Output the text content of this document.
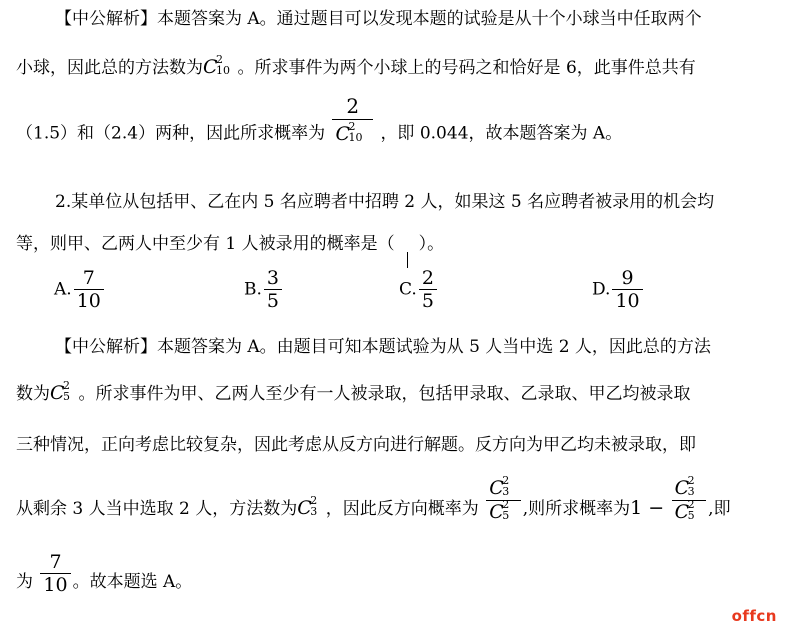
【中公解析】本题答案为 A。通过题目可以发现本题的试验是从十个小球当中任取两个
小球，因此总的方法数为C
2
10 。所求事件为两个小球上的号码之和恰好是 6，此事件总共有
（1.5）和（2.4）两种，因此所求概率为 2
C
2
10 ，即 0.044，故本题答案为 A。
2.某单位从包括甲、乙在内 5 名应聘者中招聘 2 人，如果这 5 名应聘者被录用的机会均
等，则甲、乙两人中至少有 1 人被录用的概率是（ ）。
A. $\frac{7}{10}$	B. $\frac{3}{5}$	C. $\frac{2}{5}$	D. $\frac{9}{10}$
【中公解析】本题答案为 A。由题目可知本题试验为从 5 人当中选 2 人，因此总的方法
数为C
2
5 。所求事件为甲、乙两人至少有一人被录取，包括甲录取、乙录取、甲乙均被录取
三种情况，正向考虑比较复杂，因此考虑从反方向进行解题。反方向为甲乙均未被录取，即
从剩余 3 人当中选取 2 人，方法数为C
2
3 ，因此反方向概率为 C
2
3
C
2
5 ,则所求概率为1 − C
2
3
C
2
5 ,即
为 $\frac{7}{10}$ 。故本题选 A。
offcn
